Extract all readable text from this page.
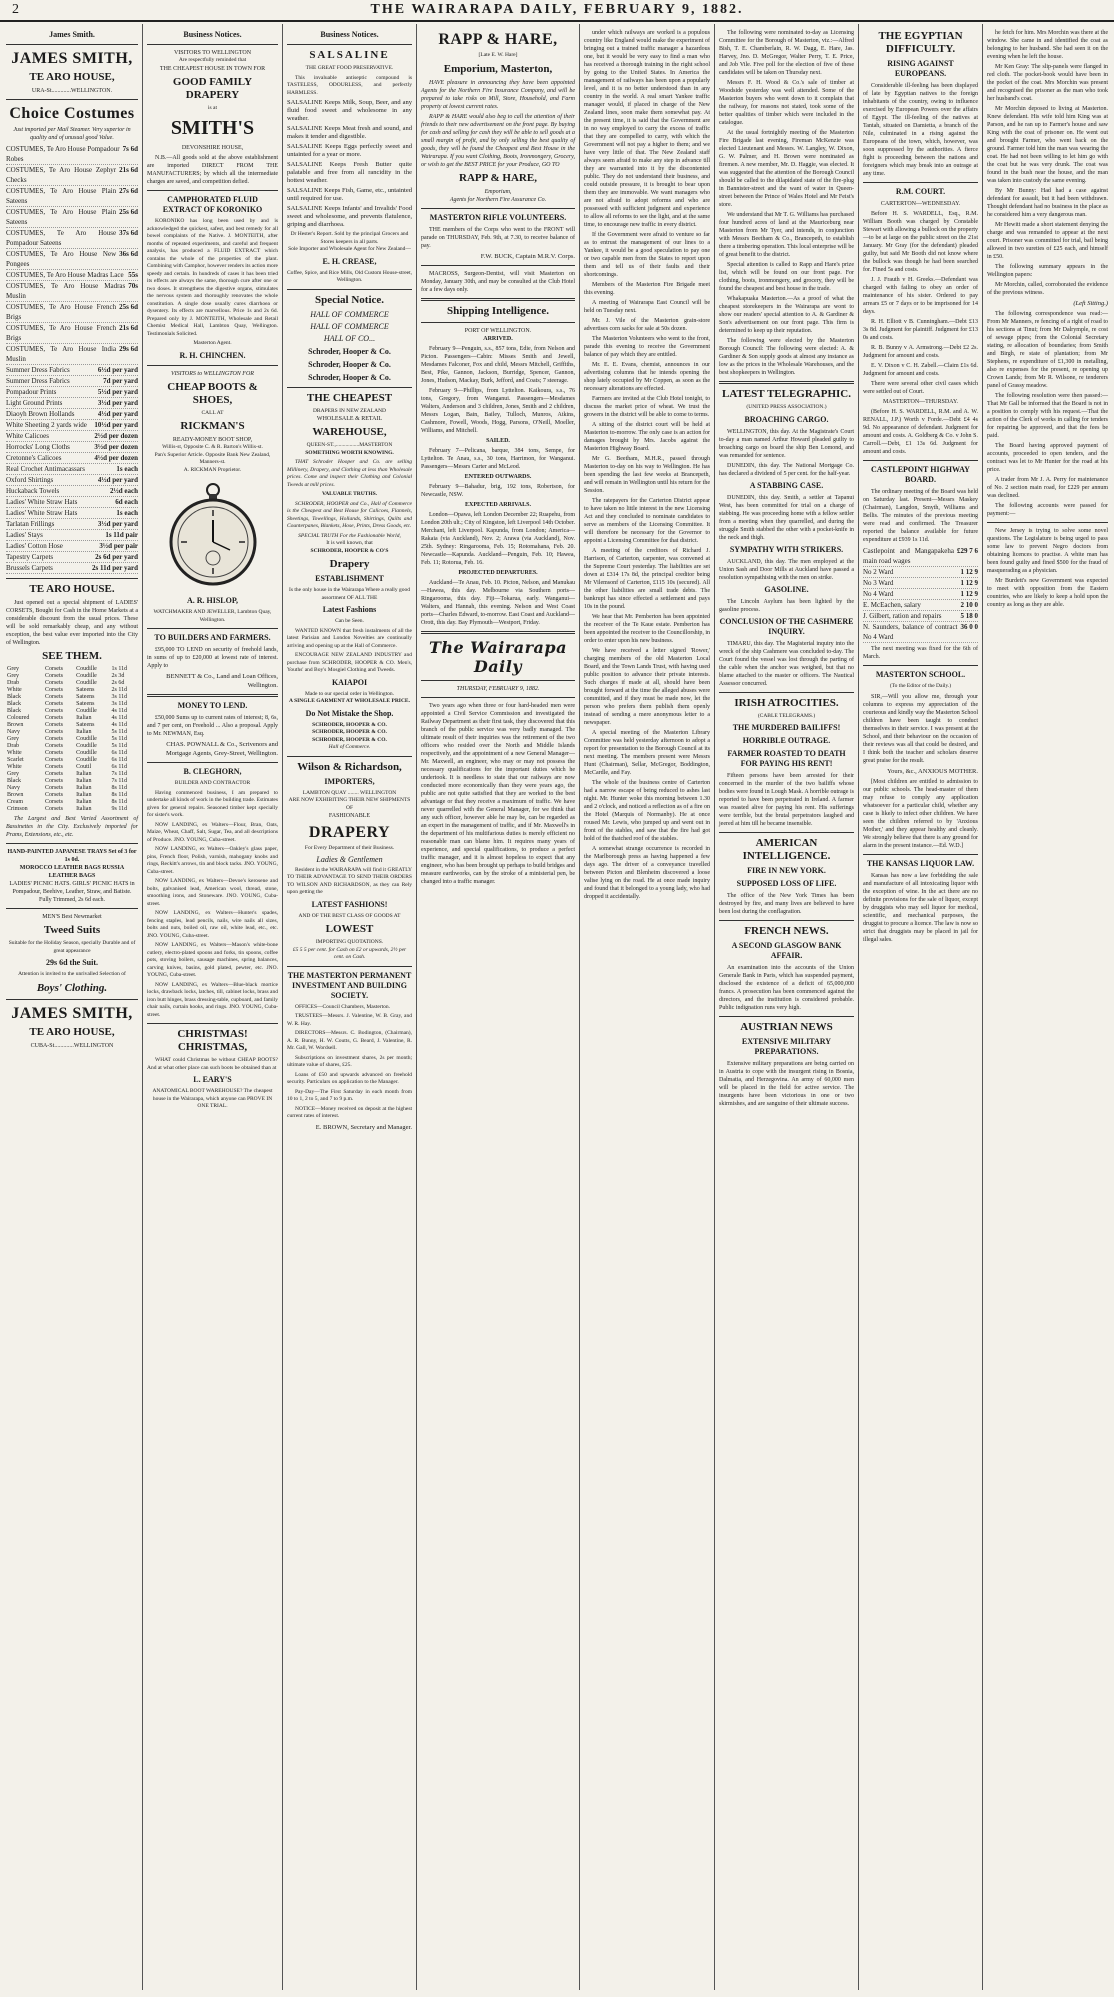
2	THE WAIRARAPA DAILY, FEBRUARY 9, 1882.
James Smith.
JAMES SMITH,
TE ARO HOUSE,
URA-St.............WELLINGTON.
Choice Costumes
Just imported per Mail Steamer. Very superior in quality and of unusual good Value.
COSTUMES, Te Aro House Pompadour Robes
7s 6d
COSTUMES, Te Aro House Zephyr Checks
21s 6d
COSTUMES, Te Aro House Plain Sateens
27s 6d
COSTUMES, Te Aro House Plain Sateens
25s 6d
COSTUMES, Te Aro House Pompadour Sateens
37s 6d
COSTUMES, Te Aro House New Pongees
36s 6d
COSTUMES, Te Aro House Madras Lace 55s
COSTUMES, Te Aro House Madras Muslin
70s
COSTUMES, Te Aro House French Brigs
25s 6d
COSTUMES, Te Aro House French Brigs
21s 6d
COSTUMES, Te Aro House India Muslin
29s 6d
Summer Dress Fabrics	6½d per yard
Summer Dress Fabrics	7d per yard
Pompadour Prints	5½d per yard
Light Ground Prints	3½d per yard
Diaoyh Brown Hollands	4½d per yard
White Sheeting 2 yards wide	10½d per yard
White Calicoes	2½d per dozen
Horrocks' Long Cloths	3½d per dozen
Cretonne's Calicoes	4½d per dozen
Real Crochet Antimacassars	1s each
Oxford Shirtings	4½d per yard
Huckaback Towels	2½d each
Ladies' White Straw Hats	6d each
Ladies' White Straw Hats	1s each
Tarlatan Frillings	3½d per yard
Ladies' Stays	1s 11d pair
Ladies' Cotton Hose	3½d per pair
Tapestry Carpets	2s 6d per yard
Brussels Carpets	2s 11d per yard
TE ARO HOUSE.
Just opened out a special shipment of LADIES' CORSETS, Bought for Cash in the Home Markets at a considerable discount from the usual prices. These will be sold remarkably cheap, and any without exception, the best value ever imported into the City of Wellington.
SEE THEM.
Grey	Corsets	Coudille	1s 11d
Grey	Corsets	Coudille	2s 3d
Drab	Corsets	Coudille	2s 6d
White	Corsets	Sateens	2s 11d
Black	Corsets	Sateens	3s 11d
Black	Corsets	Sateens	3s 11d
Black	Corsets	Coudille	4s 11d
Coloured	Corsets	Italian	4s 11d
Brown	Corsets	Sateens	4s 11d
Navy	Corsets	Italian	5s 11d
Grey	Corsets	Coudille	5s 11d
Drab	Corsets	Coudille	5s 11d
White	Corsets	Coudille	6s 11d
Scarlet	Corsets	Coudille	6s 11d
White	Corsets	Coutil	6s 11d
Grey	Corsets	Italian	7s 11d
Black	Corsets	Italian	7s 11d
Navy	Corsets	Italian	8s 11d
Brown	Corsets	Italian	8s 11d
Cream	Corsets	Italian	8s 11d
Crimson	Corsets	Italian	9s 11d
The Largest and Best Varied Assortment of Bassinettes in the City. Exclusively imported for Prams, Extensions, etc., etc.
HAND-PAINTED JAPANESE TRAYS Set of 3 for 1s 0d.
MOROCCO LEATHER BAGS RUSSIA LEATHER BAGS
LADIES' PICNIC HATS. GIRLS' PICNIC HATS in Pompadour, Beehive, Leather, Straw, and Batiste. Fully Trimmed, 2s 6d each.
MEN'S Best Newmarket
Tweed Suits
Suitable for the Holiday Season, specially Durable and of great appearance
29s 6d the Suit.
Attention is invited to the unrivalled Selection of
Boys' Clothing.
JAMES SMITH,
TE ARO HOUSE,
CUBA-St.............WELLINGTON
Business Notices.
VISITORS TO WELLINGTON
Are respectfully reminded that
THE CHEAPEST HOUSE IN TOWN FOR
GOOD FAMILY DRAPERY
is at
SMITH'S
DEVONSHIRE HOUSE,
N.B.—All goods sold at the above establishment are imported DIRECT FROM THE MANUFACTURERS; by which all the intermediate charges are saved, and competition defied.
CAMPHORATED FLUID EXTRACT OF KORONIKO
KORONIKO has long been used by and is acknowledged the quickest, safest, and best remedy for all bowel complaints of the Native. J. MONTEITH, after months of repeated experiments, and careful and frequent analysis, has produced a FLUID EXTRACT which contains the whole of the properties of the plant. Combining with Camphor, however renders its action more speedy and certain. In hundreds of cases it has been tried its effects are always the same, thorough cure after one or two doses. It strengthens the digestive organs, stimulates the nervous system and thoroughly renovates the whole constitution. A single dose usually cures diarrhoea or dysentery. Its effects are marvellous. Price 1s and 2s 6d. Prepared only by J. MONTEITH, Wholesale and Retail Chemist Medical Hall, Lambton Quay, Wellington. Testimonials Solicited.
Masterton Agent.
R. H. CHINCHEN.
VISITORS to WELLINGTON FOR
CHEAP BOOTS & SHOES,
CALL AT
RICKMAN'S
READY-MONEY BOOT SHOP,
Willis-st, Opposite C. & R. Barton's Willis-st.
Pan's Superior Article. Opposite Bank New Zealand, Manners-st.
A. RICKMAN Proprietor.
A. R. HISLOP,
WATCHMAKER AND JEWELLER, Lambton Quay, Wellington.
TO BUILDERS AND FARMERS.
£95,000 TO LEND on security of freehold lands, in sums of up to £20,000 at lowest rate of interest. Apply to
BENNETT & Co., Land and Loan Offices, Wellington.
MONEY TO LEND.
£50,000 Sums up to current rates of interest; 8, 6s, and 7 per cent, on Freehold ... Also a proposal. Apply to Mr. NEWMAN, Esq.
CHAS. POWNALL & Co., Scrivenors and Mortgage Agents, Grey-Street, Wellington.
B. CLEGHORN,
BUILDER AND CONTRACTOR
Having commenced business, I am prepared to undertake all kinds of work in the building trade. Estimates given for general repairs. Seasoned timber kept specially for sister's work.
NOW LANDING, ex Walters—Flour, Bran, Oats, Maize, Wheat, Chaff, Salt, Sugar, Tea, and all descriptions of Produce. JNO. YOUNG, Cuba-street.
NOW LANDING, ex Walters—Oakley's glass paper, pins, French floor, Polish, varnish, mahogany knobs and rings, Reckitt's arrows, tin and block tacks. JNO. YOUNG, Cuba-street.
NOW LANDING, ex Walters—Devoe's kerosene and bolts, galvanised lead, American wool, thread, stone, smoothing irons, and Stoneware. JNO. YOUNG, Cuba-street.
NOW LANDING, ex Walters—Hunter's spades, fencing staples, lead pencils, nails, wire nails all sizes, bolts and nuts, boiled oil, raw oil, white lead, etc., etc. JNO. YOUNG, Cuba-street.
NOW LANDING, ex Walters—Mason's white-bone cutlery, electro-plated spoons and forks, tin spoons, coffee pots, stoving boilers, sausage machines, spring balances, carving knives, basins, gold plated, pewter, etc. JNO. YOUNG, Cuba-street.
NOW LANDING, ex Walters—Blue-black mortice locks, drawback locks, latches, till, cabinet locks, brass and iron butt hinges, brass dressing-table, cupboard, and family chair nails, curtain hooks, and rings. JNO. YOUNG, Cuba-street.
CHRISTMAS! CHRISTMAS,
WHAT could Christmas be without CHEAP BOOTS? And at what other place can such boots be obtained than at
L. EARY'S
ANATOMICAL BOOT WAREHOUSE? The cheapest house in the Wairarapa, which anyone can PROVE IN ONE TRIAL.
Business Notices.
SALSALINE
THE GREAT FOOD PRESERVATIVE.
This invaluable antiseptic compound is TASTELESS, ODOURLESS, and perfectly HARMLESS.
SALSALINE Keeps Milk, Soup, Beer, and any fluid food sweet and wholesome in any weather.
SALSALINE Keeps Meat fresh and sound, and makes it tender and digestible.
SALSALINE Keeps Eggs perfectly sweet and untainted for a year or more.
SALSALINE Keeps Fresh Butter quite palatable and free from all rancidity in the hottest weather.
SALSALINE Keeps Fish, Game, etc., untainted until required for use.
SALSALINE Keeps Infants' and Invalids' Food sweet and wholesome, and prevents flatulence, griping and diarrhoea.
Dr Hester's Report. Sold by the principal Grocers and Stores keepers in all parts.
Sole Importer and Wholesale Agent for New Zealand—
E. H. CREASE,
Coffee, Spice, and Rice Mills, Old Custom House-street, Wellington.
Special Notice.
HALL OF COMMERCE
HALL OF COMMERCE
HALL OF CO...
Schroder, Hooper & Co.
Schroder, Hooper & Co.
Schroder, Hooper & Co.
THE CHEAPEST
DRAPERS IN NEW ZEALAND
WHOLESALE & RETAIL
WAREHOUSE,
QUEEN-ST.,.................MASTERTON
SOMETHING WORTH KNOWING.
THAT Schroder Hooper and Co. are selling Millinery, Drapery, and Clothing at less than Wholesale prices. Come and inspect their Clothing and Colonial Tweeds at mill prices.
VALUABLE TRUTHS.
SCHRODER, HOOPER and Co., Hall of Commerce is the Cheapest and Best House for Calicoes, Flannels, Sheetings, Towellings, Hollands, Shirtings, Quilts and Counterpanes, Blankets, Hose, Prints, Dress Goods, etc.
SPECIAL TRUTH For the Fashionable World,
It is well known, that
SCHRODER, HOOPER & CO'S
Drapery
ESTABLISHMENT
Is the only house in the Wairarapa Where a really good assortment OF ALL THE
Latest Fashions
Can be Seen.
WANTED KNOWN that fresh instalments of all the latest Parisian and London Novelties are continually arriving and opening up at the Hall of Commerce.
ENCOURAGE NEW ZEALAND INDUSTRY and purchase from SCHRODER, HOOPER & CO. Men's, Youths' and Boy's Mosgiel Clothing and Tweeds.
KAIAPOI
Made to our special order in Wellington.
A SINGLE GARMENT AT WHOLESALE PRICE.
Do Not Mistake the Shop.
SCHRODER, HOOPER & CO.
SCHRODER, HOOPER & CO.
SCHRODER, HOOPER & CO.
Hall of Commerce.
Wilson & Richardson,
IMPORTERS,
LAMBTON QUAY ........ WELLINGTON
ARE NOW EXHIBITING THEIR NEW SHIPMENTS
OF
FASHIONABLE
DRAPERY
For Every Department of their Business.
Ladies & Gentlemen
Resident in the WAIRARAPA will find it GREATLY TO THEIR ADVANTAGE TO SEND THEIR ORDERS TO WILSON AND RICHARDSON, as they can Rely upon getting the
LATEST FASHIONS!
AND OF THE BEST CLASS OF GOODS AT
LOWEST
IMPORTING QUOTATIONS.
£5 5 5 per cent. for Cash on £2 or upwards, 2½ per cent. on Cash.
THE MASTERTON PERMANENT INVESTMENT AND BUILDING SOCIETY.
OFFICES—Council Chambers, Masterton.
TRUSTEES—Messrs. J. Valentine, W. B. Gray, and W. R. Hay.
DIRECTORS—Messrs. C. Bodington, (Chairman), A. R. Bunny, H. W. Coutts, G. Beard, J. Valentine, R. Mr. Gall, W. Wordsell.
Subscriptions on investment shares, 2s per month; ultimate value of shares, £25.
Loans of £50 and upwards advanced on freehold security. Particulars on application to the Manager.
Pay-Day—The First Saturday in each month from 10 to 1, 2 to 5, and 7 to 9 p.m.
NOTICE—Money received on deposit at the highest current rates of interest.
E. BROWN, Secretary and Manager.
RAPP & HARE,
[Late E. W. Hare]
Emporium, Masterton,
HAVE pleasure in announcing they have been appointed Agents for the Northern Fire Insurance Company, and will be prepared to take risks on Mill, Store, Household, and Farm property at lowest current rates.
RAPP & HARE would also beg to call the attention of their friends to their new advertisement on the front page. By buying for cash and selling for cash they will be able to sell goods at a small margin of profit, and by only selling the best quality of goods, they will be found the Cheapest and Best House in the Wairarapa. If you want Clothing, Boots, Ironmongery, Grocery, or wish to get the BEST PRICE for your Produce, GO TO
RAPP & HARE,
Emporium,
Agents for Northern Fire Assurance Co.
MASTERTON RIFLE VOLUNTEERS.
THE members of the Corps who went to the FRONT will parade on THURSDAY, Feb. 9th, at 7.30, to receive balance of pay.
F.W. BUCK, Captain M.R.V. Corps.
MACROSS, Surgeon-Dentist, will visit Masterton on Monday, January 30th, and may be consulted at the Club Hotel for a few days only.
Shipping Intelligence.
PORT OF WELLINGTON.
ARRIVED.
February 9—Penguin, s.s., 857 tons, Edie, from Nelson and Picton. Passengers—Cabin: Misses Smith and Jewell, Mesdames Falconer, Fox and child, Messrs Mitchell, Griffiths, Best, Pike, Gannon, Jackson, Burridge, Spencer, Gannon, Jones, Hudson, Mackay, Burk, Jefford, and Coats; 7 steerage.
February 9—Phillips, from Lyttelton. Kaikoura, s.s., 76 tons, Gregory, from Wanganui. Passengers—Mesdames Walters, Anderson and 3 children, Jones, Smith and 2 children, Messrs Logan, Bain, Bailey, Tulloch, Munros, Atkins, Cashmore, Fowell, Woods, Hogg, Parsons, O'Neill, Moeller, Williams, and Mitchell.
SAILED.
February 7—Pelicana, barque, 384 tons, Sempe, for Lyttelton. Te Anau, s.s., 30 tons, Harrimon, for Wanganui. Passengers—Messrs Carter and McLeod.
ENTERED OUTWARDS.
February 9—Bahadur, brig, 192 tons, Robertson, for Newcastle, NSW.
EXPECTED ARRIVALS.
London—Opawa, left London December 22; Ruapehu, from London 20th ult.; City of Kingston, left Liverpool 14th October. Merchant, left Liverpool. Kapunda, from London; America—Rakaia (via Auckland), Nov. 2; Arawa (via Auckland), Nov. 25th. Sydney: Ringarooma, Feb. 15; Rotomahana, Feb. 20. Newcastle—Kapunda. Auckland—Penguin, Feb. 10; Hawea, Feb. 11; Rotorua, Feb. 16.
PROJECTED DEPARTURES.
Auckland—Te Anau, Feb. 10. Picton, Nelson, and Manukau—Hawea, this day. Melbourne via Southern ports—Ringarooma, this day. Fiji—Tokarua, early. Wanganui—Walters, and Hannah, this evening. Nelson and West Coast ports—Charles Edward, to-morrow. East Coast and Auckland—Orott, this day. Bay Plymouth—Westport, Friday.
The Wairarapa Daily
THURSDAY, FEBRUARY 9, 1882.
Two years ago when three or four hard-headed men were appointed a Civil Service Commission and investigated the Railway Department as their first task, they discovered that this branch of the public service was very badly managed. The ultimate result of their inquiries was the retirement of the two officers who resided over the North and Middle Islands respectively, and the appointment of a new General Manager—Mr. Maxwell, an engineer, who may or may not possess the necessary qualifications for the important duties which he undertook. It is needless to state that our railways are now conducted more economically than they were years ago, the public are not quite satisfied that they are worked to the best advantage or that they receive a maximum of traffic. We have never quarrelled with the General Manager, for we think that any such officer, however able he may be, can be regarded as an expert in the management of traffic, and if Mr. Maxwell's in the department of his multifarious duties is merely efficient no reasonable man can blame him. It requires many years of experience, and special qualifications, to produce a perfect traffic manager, and it is almost hopeless to expect that any engineer, who has been brought up perhaps to build bridges and measure earthworks, can by the stroke of a ministerial pen, be changed into a traffic manager.
under which railways are worked is a populous country like England would make the experiment of bringing out a trained traffic manager a hazardous one, but it would be very easy to find a man who has received a thorough training in the right school by going to the United States. In America the management of railways has been upon a popularly level, and it is no better understood than in any country in the world. A real smart Yankee traffic manager would, if placed in charge of the New Zealand lines, soon make them somewhat pay. At the present time, it is said that the Government are in no way employed to carry the excess of traffic that they are compelled to carry, with which the Government will not pay a higher to them; and we have very little of that. The New Zealand staff always seem afraid to make any step in advance till they are warranted into it by the discontented public. They do not understand their business, and could outside pressure, it is brought to bear upon them they are immovable. We want managers who are not afraid to adopt reforms and who are possessed with sufficient judgment and experience to allow all reforms to see the light, and at the same time, to encourage new traffic in every district.
If the Government were afraid to venture so far as to entrust the management of our lines to a Yankee, it would be a good speculation to pay one or two capable men from the States to report upon them and tell us of their faults and their shortcomings.
Members of the Masterton Fire Brigade meet this evening.
A meeting of Wairarapa East Council will be held on Tuesday next.
Mr. J. Vile of the Masterton grain-store advertises corn sacks for sale at 50s dozen.
The Masterton Volunteers who went to the front, parade this evening to receive the Government balance of pay which they are entitled.
Mr. E. E. Evans, chemist, announces in our advertising columns that he intends opening the shop lately occupied by Mr Coppen, as soon as the necessary alterations are effected.
Farmers are invited at the Club Hotel tonight, to discuss the market price of wheat. We trust the growers in the district will be able to come to terms.
A sitting of the district court will be held at Masterton to-morrow. The only case is an action for damages brought by Mrs. Jacobs against the Masterton Highway Board.
Mr G. Beetham, M.H.R., passed through Masterton to-day on his way to Wellington. He has been spending the last few weeks at Brancepeth, and will remain in Wellington until his return for the Session.
The ratepayers for the Carterton District appear to have taken no little interest in the new Licensing Act and they concluded to nominate candidates to serve as members of the Licensing Committee. It will therefore be necessary for the Governor to appoint a Licensing Committee for that district.
A meeting of the creditors of Richard J. Harrison, of Carterton, carpenter, was convened at the Supreme Court yesterday. The liabilities are set down at £314 17s 8d, the principal creditor being Mr Vilemsonf of Carterton, £115 10s (secured). All the other liabilities are small trade debts. The bankrupt has since effected a settlement and pays 10s in the pound.
We hear that Mr. Pemberton has been appointed the receiver of the Te Kaue estate. Pemberton has been appointed the receiver to the Councillorship, in order to enter upon his new business.
We have received a letter signed 'Rower,' charging members of the old Masterton Local Board, and the Town Lands Trust, with having used public position to advance their private interests. Such charges if made at all, should have been brought forward at the time the alleged abuses were committed, and if they must be made now, let the person who prefers them publish them openly instead of sending a mere anonymous letter to a newspaper.
A special meeting of the Masterton Library Committee was held yesterday afternoon to adopt a report for presentation to the Borough Council at its next meeting. The members present were Messrs Hunt (Chairman), Sellar, McGregor, Boddington, McCardle, and Fay.
The whole of the business centre of Carterton had a narrow escape of being reduced to ashes last night. Mr. Hunter woke this morning between 1.30 and 2 o'clock, and noticed a reflection as of a fire on the Hotel (Marquis of Normanby). He at once roused Mr. Lewis, who jumped up and went out in front of the stables, and saw that the fire had got hold of the thatched roof of the stables.
A somewhat strange occurrence is recorded in the Marlborough press as having happened a few days ago. The driver of a conveyance travelled between Picton and Blenheim discovered a loose valise lying on the road. He at once made inquiry and found that it belonged to a young lady, who had dropped it accidentally.
The following were nominated to-day as Licensing Committee for the Borough of Masterton, viz.:—Alfred Bish, T. E. Chamberlain, R. W. Dagg, E. Hare, Jas. Harvey, Jno. D. McGregor, Walter Perry, T. E. Price, and Job Vile. Five poll for the election of five of these candidates will be taken on Thursday next.
Messrs F. H. Wood & Co.'s sale of timber at Woodside yesterday was well attended. Some of the Masterton buyers who went down to it complain that the railway, for reasons not stated, took some of the better qualities of timber which were included in the catalogue.
At the usual fortnightly meeting of the Masterton Fire Brigade last evening, Fireman McKenzie was elected Lieutenant and Messrs. W. Langley, W. Dixon, G. W. Palmer, and H. Brown were nominated as firemen. A new member, Mr. D. Haggie, was elected. It was suggested that the attention of the Borough Council should be called to the dilapidated state of the fire-plug in Bannister-street and the want of water in Queen-street between the Prince of Wales Hotel and Mr Feist's store.
We understand that Mr T. G. Williams has purchased four hundred acres of land at the Mauriceburg near Masterton from Mr Tyer, and intends, in conjunction with Messrs Beetham & Co., Brancepeth, to establish there a timbering operation. This local enterprise will be of great benefit to the district.
Special attention is called to Rapp and Hare's prize list, which will be found on our front page. For clothing, boots, ironmongery, and grocery, they will be found the cheapest and best house in the trade.
Whakapuaka Masterton.—As a proof of what the cheapest storekeepers in the Wairarapa are wont to show our readers' special attention to A. & Gardiner & Son's advertisement on our front page. This firm is determined to keep up their reputation.
The following were elected by the Masterton Borough Council: The following were elected: A. & Gardiner & Son supply goods at almost any instance as low as the prices in the Wholesale Warehouses, and the best shopkeepers in Wellington.
LATEST TELEGRAPHIC.
(UNITED PRESS ASSOCIATION.)
BROACHING CARGO.
WELLINGTON, this day. At the Magistrate's Court to-day a man named Arthur Howard pleaded guilty to broaching cargo on board the ship Ben Lomond, and was remanded for sentence.
DUNEDIN, this day. The National Mortgage Co. has declared a dividend of 5 per cent. for the half-year.
A STABBING CASE.
DUNEDIN, this day. Smith, a settler at Tapanui West, has been committed for trial on a charge of stabbing. He was proceeding home with a fellow settler from a meeting when they quarrelled, and during the struggle Smith stabbed the other with a pocket-knife in the neck and thigh.
SYMPATHY WITH STRIKERS.
AUCKLAND, this day. The men employed at the Union Sash and Door Mills at Auckland have passed a resolution sympathising with the men on strike.
GASOLINE.
The Lincoln Asylum has been lighted by the gasoline process.
CONCLUSION OF THE CASHMERE INQUIRY.
TIMARU, this day. The Magisterial inquiry into the wreck of the ship Cashmere was concluded to-day. The Court found the vessel was lost through the parting of the cable when the anchor was weighed, but that no blame attached to the master or officers. The Nautical Assessor concurred.
IRISH ATROCITIES.
(CABLE TELEGRAMS.)
THE MURDERED BAILIFFS!
HORRIBLE OUTRAGE.
FARMER ROASTED TO DEATH FOR PAYING HIS RENT!
Fifteen persons have been arrested for their concerned in the murder of the two bailiffs whose bodies were found in Lough Mask. A horrible outrage is reported to have been perpetrated in Ireland. A farmer was roasted alive for paying his rent. His sufferings were terrible, but the brutal perpetrators laughed and jeered at him till he became insensible.
AMERICAN INTELLIGENCE.
FIRE IN NEW YORK.
SUPPOSED LOSS OF LIFE.
The office of the New York Times has been destroyed by fire, and many lives are believed to have been lost during the conflagration.
FRENCH NEWS.
A SECOND GLASGOW BANK AFFAIR.
An examination into the accounts of the Union Generale Bank in Paris, which has suspended payment, disclosed the existence of a deficit of 65,000,000 francs. A prosecution has been commenced against the directors, and the institution is considered probable. Public indignation runs very high.
AUSTRIAN NEWS
EXTENSIVE MILITARY PREPARATIONS.
Extensive military preparations are being carried on in Austria to cope with the insurgent rising in Bosnia, Dalmatia, and Herzegovina. An army of 60,000 men will be placed in the field for active service. The insurgents have been victorious in one or two skirmishes, and are sanguine of their ultimate success.
THE EGYPTIAN DIFFICULTY.
RISING AGAINST EUROPEANS.
Considerable ill-feeling has been displayed of late by Egyptian natives to the foreign inhabitants of the country, owing to influence exercised by European Powers over the affairs of Egypt. The ill-feeling of the natives at Tantah, situated on Damietta, a branch of the Nile, culminated in a rising against the Europeans of the town, which, however, was soon suppressed by the authorities. A fierce fight is proceeding between the nations and foreigners which may break into an outrage at any time.
R.M. COURT.
CARTERTON—WEDNESDAY.
Before H. S. WARDELL, Esq., R.M. William Booth was charged by Constable Stewart with allowing a bullock on the property—to be at large on the public street on the 21st January. Mr Gray (for the defendant) pleaded guilty, but said Mr Booth did not know where the bullock was though he had been searched for. Fined 5s and costs.
J. J. Frauth v H. Greeks.—Defendant was charged with failing to obey an order of maintenance of his sister. Ordered to pay arrears £5 or 7 days or to be imprisoned for 14 days.
R. H. Elliott v B. Cunningham.—Debt £13 3s 8d. Judgment for plaintiff. Judgment for £13 0s and costs.
R. B. Bunny v A. Armstrong.—Debt £2 2s. Judgment for amount and costs.
E. V. Dixon v C. H. Zabell.—Claim £1s 6d. Judgment for amount and costs.
There were several other civil cases which were settled out of Court.
MASTERTON—THURSDAY.
(Before H. S. WARDELL, R.M. and A. W. RENALL, J.P.) Worth v Forde.—Debt £4 4s 9d. No appearance of defendant. Judgment for amount and costs. A. Goldberg & Co. v John S. Carroll.—Debt, £1 13s 6d. Judgment for amount and costs.
CASTLEPOINT HIGHWAY BOARD.
The ordinary meeting of the Board was held on Saturday last. Present—Messrs Maskey (Chairman), Langdon, Smyth, Williams and Bellis. The minutes of the previous meeting were read and confirmed. The Treasurer reported the balance available for future expenditure at £939 1s 11d.
Castlepoint and Mangapakeha main road wages
£29 7 6
No 2 Ward	1 12 9
No 3 Ward	1 12 9
No 4 Ward	1 12 9
E. McEachen, salary	2 10 0
J. Gilbert, ration and repairs	5 18 0
N. Saunders, balance of contract No 4 Ward
36 0 0
The next meeting was fixed for the 6th of March.
MASTERTON SCHOOL.
(To the Editor of the Daily.)
SIR,—Will you allow me, through your columns to express my appreciation of the courteous and kindly way the Masterton School children have been taught to conduct themselves in their service. I was present at the School, and their behaviour on the occasion of their reviews was all that could be desired, and I think both the teacher and scholars deserve great praise for the result.
Yours, &c., ANXIOUS MOTHER.
[Most children are entitled to admission to our public schools. The head-master of them may refuse to comply any application whatsoever for a particular child, whether any case is likely to infect other children. We have seen the children referred to by 'Anxious Mother,' and they appear healthy and cleanly. We strongly believe that there is any ground for alarm in the present instance.—Ed. W.D.]
THE KANSAS LIQUOR LAW.
Kansas has now a law forbidding the sale and manufacture of all intoxicating liquor with the exception of wine. In the act there are no definite provisions for the sale of liquor, except by druggists who may sell liquor for medical, scientific, and mechanical purposes, the druggist to procure a licence. The law is now so strict that druggists may be placed in jail for illegal sales.
he fetch for him. Mrs Morchin was there at the window. She came in and identified the coat as belonging to her husband. She had seen it on the evening when he left the house.
Mr Ken Gray: The slip-panels were flanged in red cloth. The pocket-book would have been in the pocket of the coat. Mrs Morchin was present and recognised the prisoner as the man who took her husband's coat.
Mr Morchin deposed to living at Masterton. Knew defendant. His wife told him King was at Parson, and he ran up to Farmer's house and saw King with the coat of prisoner on. He went out and brought Farmer, who went back on the ground. Farmer told him the man was wearing the coat. He had not been willing to let him go with the coat but he was very drunk. The coat was found in the bush near the house, and the man was taken into custody the same evening.
By Mr Bunny: Had had a case against defendant for assault, but it had been withdrawn. Thought defendant had no business in the place as he considered him a very dangerous man.
Mr Hewitt made a short statement denying the charge and was remanded to appear at the next court. Prisoner was committed for trial, bail being allowed in two sureties of £25 each, and himself in £50.
The following summary appears in the Wellington papers:
Mr Morchin, called, corroborated the evidence of the previous witness.
(Left Sitting.)
The following correspondence was read:—From Mr Manners, re fencing of a right of road to his sections at Tinui; from Mr Dalrymple, re cost of sewage pipes; from the Colonial Secretary stating, re allocation of boundaries; from Smith and Birgh, re state of plantation; from Mr Stephens, re expenditure of £1,300 in metalling, also re expenses for the present, re opening up Crown Lands; from Mr R. Wilsone, re tenderers panel of Grassy meadow.
The following resolution were then passed:—That Mr Gall be informed that the Board is not in a position to comply with his request.—That the action of the Clerk of works in calling for tenders for repairing be approved, and that the fees be paid.
The Board having approved payment of accounts, proceeded to open tenders, and the contract was let to Mr Hunter for the road at his price.
A trader from Mr J. A. Perry for maintenance of No. 2 section main road, for £229 per annum was declined.
The following accounts were passed for payment:—
New Jersey is trying to solve some novel questions. The Legislature is being urged to pass some law to prevent Negro doctors from obtaining licences to practise. A white man has been found guilty and fined $500 for the fraud of masquerading as a physician.
Mr Burdett's new Government was expected to meet with opposition from the Eastern countries, who are likely to keep a hold upon the country as long as they are able.
